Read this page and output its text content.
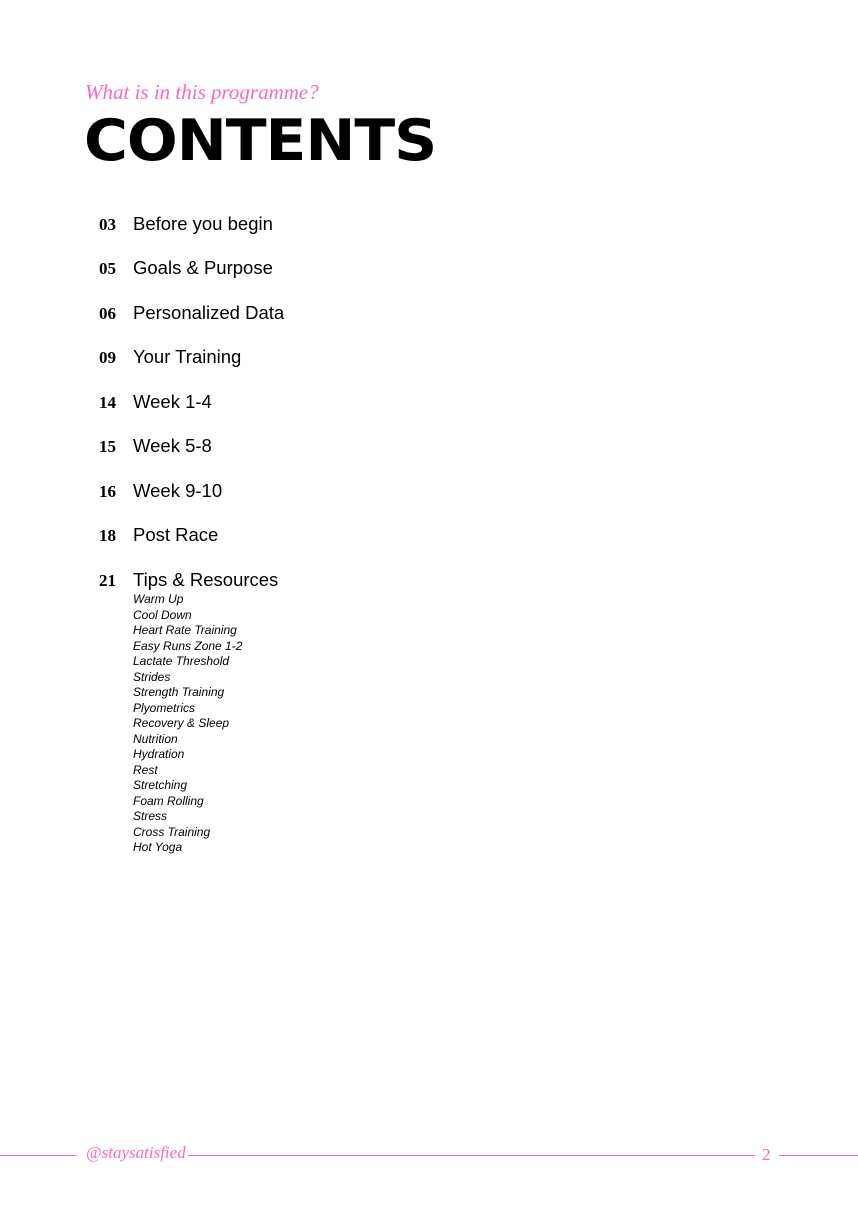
What is in this programme?
CONTENTS
03 Before you begin
05 Goals & Purpose
06 Personalized Data
09 Your Training
14 Week 1-4
15 Week 5-8
16 Week 9-10
18 Post Race
21 Tips & Resources
Warm Up
Cool Down
Heart Rate Training
Easy Runs Zone 1-2
Lactate Threshold
Strides
Strength Training
Plyometrics
Recovery & Sleep
Nutrition
Hydration
Rest
Stretching
Foam Rolling
Stress
Cross Training
Hot Yoga
@staysatisfied	2
